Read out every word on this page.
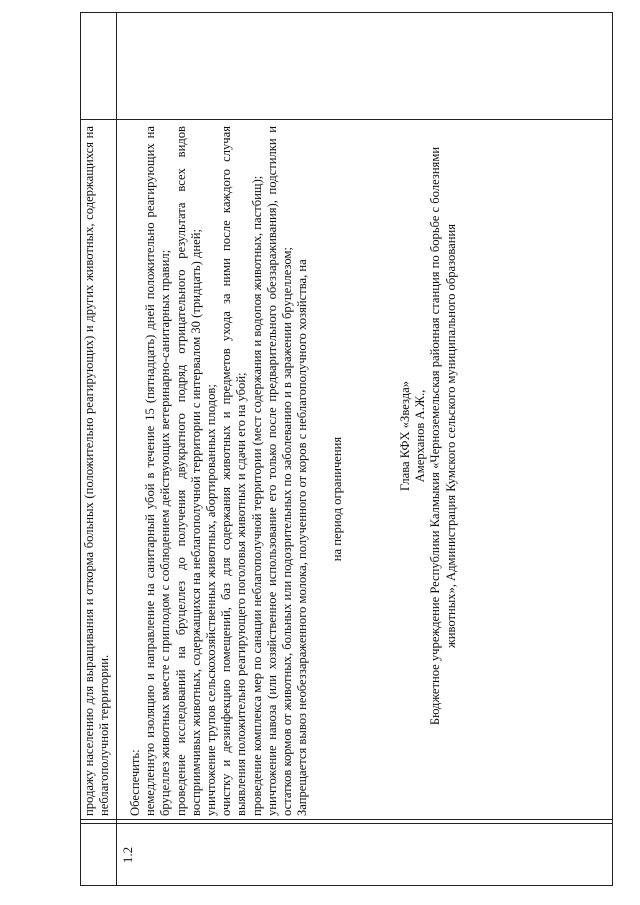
продажу населению для выращивания и откорма больных (положительно реагирующих) и других животных, содержащихся на неблагополучной территории.
1.2

Обеспечить: немедленную изоляцию и направление на санитарный убой в течение 15 (пятнадцать) дней положительно реагирующих на бруцеллез животных вместе с приплодом с соблюдением действующих ветеринарно-санитарных правил; проведение исследований на бруцеллез до получения двукратного подряд отрицательного результата всех видов восприимчивых животных, содержащихся на неблагополучной территории с интервалом 30 (тридцать) дней; уничтожение трупов сельскохозяйственных животных, абортированных плодов; очистку и дезинфекцию помещений, баз для содержания животных и предметов ухода за ними после каждого случая выявления положительно реагирующего поголовья животных и сдачи его на убой; проведение комплекса мер по санации неблагополучной территории (мест содержания и водопоя животных, пастбищ); уничтожение навоза (или хозяйственное использование его только после предварительного обеззараживания), подстилки и остатков кормов от животных, больных или подозрительных по заболеванию и в заражении бруцеллезом; Запрещается вывоз необеззараженного молока, полученного от коров с неблагополучного хозяйства, на на период ограничения

Глава КФХ «Звезда» Амерханов А.Ж., Бюджетное учреждение Республики Калмыкия «Черноземельская районная станция по борьбе с болезнями животных», Администрация Кумского сельского муниципального образования
